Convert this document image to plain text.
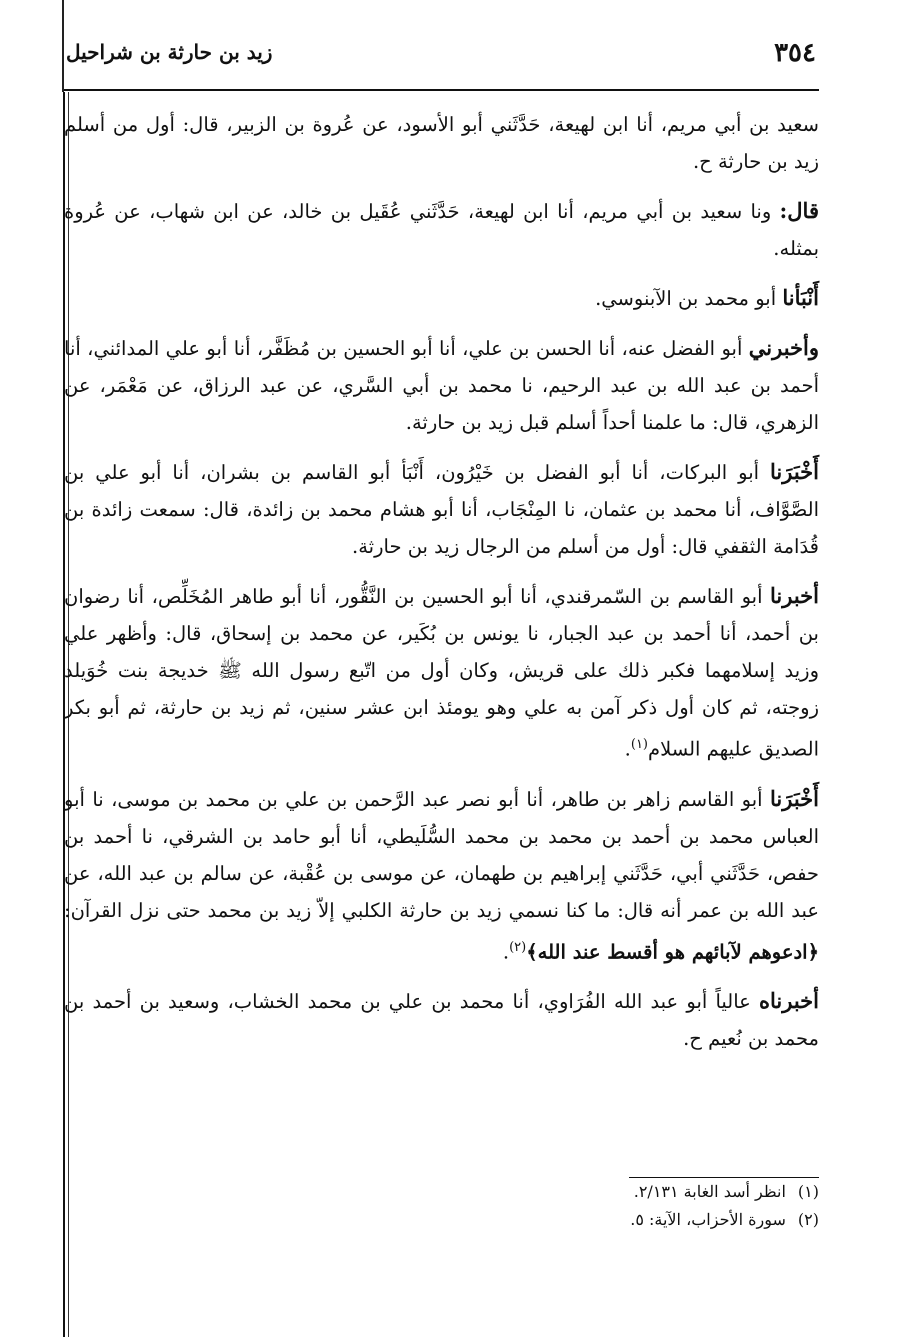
٣٥٤
زيد بن حارثة بن شراحيل

سعيد بن أبي مريم، أنا ابن لهيعة، حَدَّثَني أبو الأسود، عن عُروة بن الزبير، قال: أول من أسلم زيد بن حارثة ح.

قال: ونا سعيد بن أبي مريم، أنا ابن لهيعة، حَدَّثَني عُقَيل بن خالد، عن ابن شهاب، عن عُروة بمثله.

أَنْبَأنا أبو محمد بن الآبنوسي.

وأخبرني أبو الفضل عنه، أنا الحسن بن علي، أنا أبو الحسين بن مُظَفَّر، أنا أبو علي المدائني، أنا أحمد بن عبد الله بن عبد الرحيم، نا محمد بن أبي السَّري، عن عبد الرزاق، عن مَعْمَر، عن الزهري، قال: ما علمنا أحداً أسلم قبل زيد بن حارثة.

أَخْبَرَنا أبو البركات، أنا أبو الفضل بن خَيْرُون، أَنْبَأ أبو القاسم بن بشران، أنا أبو علي بن الصَّوَّاف، أنا محمد بن عثمان، نا المِنْجَاب، أنا أبو هشام محمد بن زائدة، قال: سمعت زائدة بن قُدَامة الثقفي قال: أول من أسلم من الرجال زيد بن حارثة.

أخبرنا أبو القاسم بن السّمرقندي، أنا أبو الحسين بن النَّقُّور، أنا أبو طاهر المُخَلِّص، أنا رضوان بن أحمد، أنا أحمد بن عبد الجبار، نا يونس بن بُكَير، عن محمد بن إسحاق، قال: وأظهر علي وزيد إسلامهما فكبر ذلك على قريش، وكان أول من اتّبع رسول الله ﷺ خديجة بنت خُوَيلد زوجته، ثم كان أول ذكر آمن به علي وهو يومئذ ابن عشر سنين، ثم زيد بن حارثة، ثم أبو بكر الصديق عليهم السلام$^{(١)}$.

أَخْبَرَنا أبو القاسم زاهر بن طاهر، أنا أبو نصر عبد الرَّحمن بن علي بن محمد بن موسى، نا أبو العباس محمد بن أحمد بن محمد بن محمد السُّلَيطي، أنا أبو حامد بن الشرقي، نا أحمد بن حفص، حَدَّثَني أبي، حَدَّثَني إبراهيم بن طهمان، عن موسى بن عُقْبة، عن سالم بن عبد الله، عن عبد الله بن عمر أنه قال: ما كنا نسمي زيد بن حارثة الكلبي إلاّ زيد بن محمد حتى نزل القرآن: ﴿ادعوهم لآبائهم هو أقسط عند الله﴾$^{(٢)}$.

أخبرناه عالياً أبو عبد الله الفُرَاوي، أنا محمد بن علي بن محمد الخشاب، وسعيد بن أحمد بن محمد بن نُعيم ح.

(١)انظر أسد الغابة ٢/١٣١.

(٢)سورة الأحزاب، الآية: ٥.
